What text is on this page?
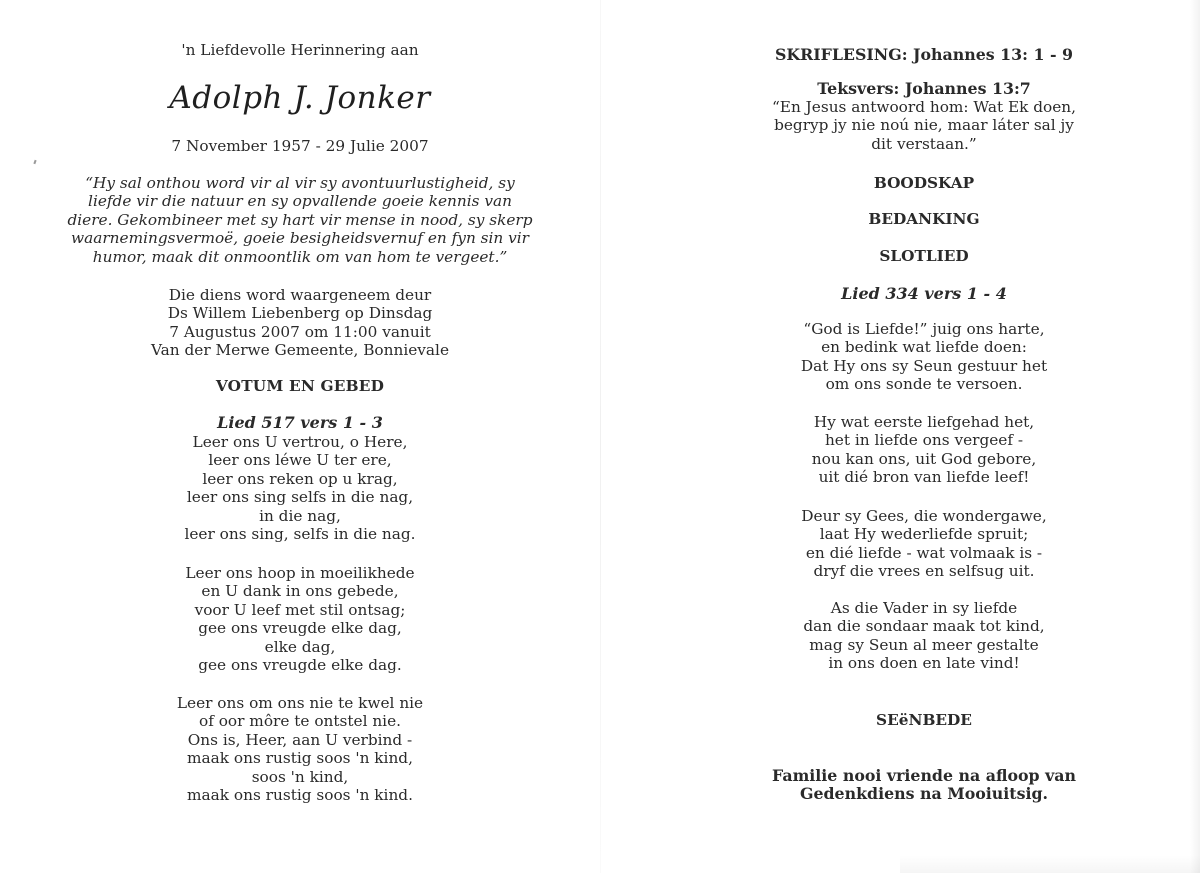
'n Liefdevolle Herinnering aan
Adolph J. Jonker
7 November 1957 - 29 Julie 2007
“Hy sal onthou word vir al vir sy avontuurlustigheid, sy
liefde vir die natuur en sy opvallende goeie kennis van
diere. Gekombineer met sy hart vir mense in nood, sy skerp
waarnemingsvermoë, goeie besigheidsvernuf en fyn sin vir
humor, maak dit onmoontlik om van hom te vergeet.”
Die diens word waargeneem deur
Ds Willem Liebenberg op Dinsdag
7 Augustus 2007 om 11:00 vanuit
Van der Merwe Gemeente, Bonnievale
VOTUM EN GEBED
Lied 517 vers 1 - 3
Leer ons U vertrou, o Here,
leer ons léwe U ter ere,
leer ons reken op u krag,
leer ons sing selfs in die nag,
in die nag,
leer ons sing, selfs in die nag.
Leer ons hoop in moeilikhede
en U dank in ons gebede,
voor U leef met stil ontsag;
gee ons vreugde elke dag,
elke dag,
gee ons vreugde elke dag.
Leer ons om ons nie te kwel nie
of oor môre te ontstel nie.
Ons is, Heer, aan U verbind -
maak ons rustig soos 'n kind,
soos 'n kind,
maak ons rustig soos 'n kind.
SKRIFLESING: Johannes 13: 1 - 9
Teksvers: Johannes 13:7
“En Jesus antwoord hom: Wat Ek doen,
begryp jy nie noú nie, maar láter sal jy
dit verstaan.”
BOODSKAP
BEDANKING
SLOTLIED
Lied 334 vers 1 - 4
“God is Liefde!” juig ons harte,
en bedink wat liefde doen:
Dat Hy ons sy Seun gestuur het
om ons sonde te versoen.
Hy wat eerste liefgehad het,
het in liefde ons vergeef -
nou kan ons, uit God gebore,
uit dié bron van liefde leef!
Deur sy Gees, die wondergawe,
laat Hy wederliefde spruit;
en dié liefde - wat volmaak is -
dryf die vrees en selfsug uit.
As die Vader in sy liefde
dan die sondaar maak tot kind,
mag sy Seun al meer gestalte
in ons doen en late vind!
SEëNBEDE
Familie nooi vriende na afloop van
Gedenkdiens na Mooiuitsig.
